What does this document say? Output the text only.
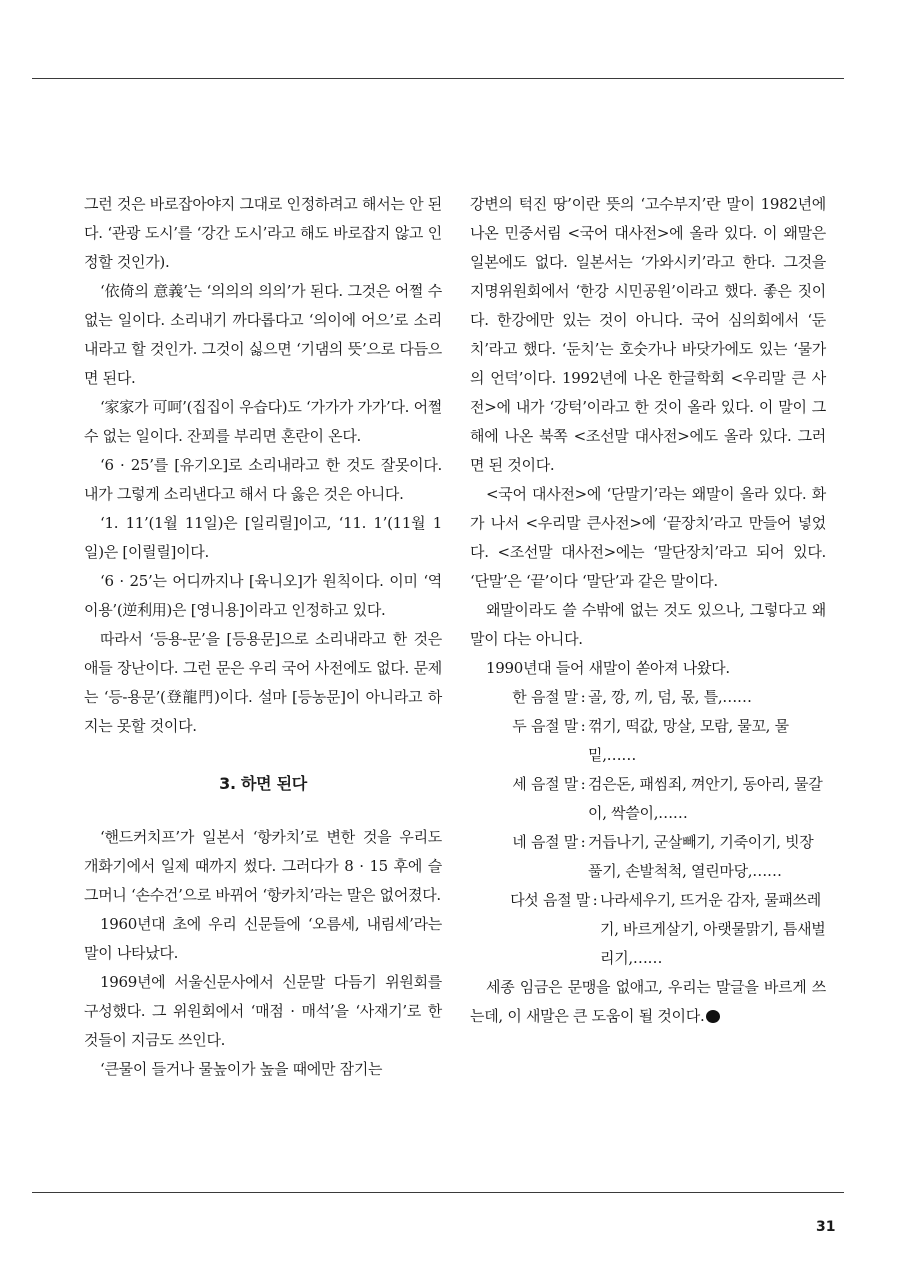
그런 것은 바로잡아야지 그대로 인정하려고 해서는 안 된다. ‘관광 도시’를 ‘강간 도시’라고 해도 바로잡지 않고 인정할 것인가).

‘依倚의 意義’는 ‘의의의 의의’가 된다. 그것은 어쩔 수 없는 일이다. 소리내기 까다롭다고 ‘의이에 어으’로 소리내라고 할 것인가. 그것이 싫으면 ‘기댐의 뜻’으로 다듬으면 된다.

‘家家가 可呵’(집집이 우습다)도 ‘가가가 가가’다. 어쩔 수 없는 일이다. 잔꾀를 부리면 혼란이 온다.

‘6 · 25’를 [유기오]로 소리내라고 한 것도 잘못이다. 내가 그렇게 소리낸다고 해서 다 옳은 것은 아니다.

‘1. 11’(1월 11일)은 [일리릴]이고, ‘11. 1’(11월 1일)은 [이릴릴]이다.

‘6 · 25’는 어디까지나 [육니오]가 원칙이다. 이미 ‘역이용’(逆利用)은 [영니용]이라고 인정하고 있다.

따라서 ‘등용-문’을 [등용문]으로 소리내라고 한 것은 애들 장난이다. 그런 문은 우리 국어 사전에도 없다. 문제는 ‘등-용문’(登龍門)이다. 설마 [등농문]이 아니라고 하지는 못할 것이다.

3. 하면 된다

‘핸드커치프’가 일본서 ‘항카치’로 변한 것을 우리도 개화기에서 일제 때까지 썼다. 그러다가 8 · 15 후에 슬그머니 ‘손수건’으로 바뀌어 ‘항카치’라는 말은 없어졌다.

1960년대 초에 우리 신문들에 ‘오름세, 내림세’라는 말이 나타났다.

1969년에 서울신문사에서 신문말 다듬기 위원회를 구성했다. 그 위원회에서 ‘매점 · 매석’을 ‘사재기’로 한 것들이 지금도 쓰인다.

‘큰물이 들거나 물높이가 높을 때에만 잠기는

강변의 턱진 땅’이란 뜻의 ‘고수부지’란 말이 1982년에 나온 민중서림 <국어 대사전>에 올라 있다. 이 왜말은 일본에도 없다. 일본서는 ‘가와시키’라고 한다. 그것을 지명위원회에서 ‘한강 시민공원’이라고 했다. 좋은 짓이다. 한강에만 있는 것이 아니다. 국어 심의회에서 ‘둔치’라고 했다. ‘둔치’는 호숫가나 바닷가에도 있는 ‘물가의 언덕’이다. 1992년에 나온 한글학회 <우리말 큰 사전>에 내가 ‘강턱’이라고 한 것이 올라 있다. 이 말이 그 해에 나온 북쪽 <조선말 대사전>에도 올라 있다. 그러면 된 것이다.

<국어 대사전>에 ‘단말기’라는 왜말이 올라 있다. 화가 나서 <우리말 큰사전>에 ‘끝장치’라고 만들어 넣었다. <조선말 대사전>에는 ‘말단장치’라고 되어 있다. ‘단말’은 ‘끝’이다 ‘말단’과 같은 말이다.

왜말이라도 쓸 수밖에 없는 것도 있으나, 그렇다고 왜말이 다는 아니다.

1990년대 들어 새말이 쏟아져 나왔다.

한 음절 말 : 골, 깡, 끼, 덤, 몫, 틀,……
두 음절 말 : 꺾기, 떡값, 망살, 모람, 물꼬, 물밑,……
세 음절 말 : 검은돈, 패씸죄, 껴안기, 동아리, 물갈이, 싹쓸이,……
네 음절 말 : 거듭나기, 군살빼기, 기죽이기, 빗장풀기, 손발척척, 열린마당,……
다섯 음절 말 : 나라세우기, 뜨거운 감자, 물패쓰레기, 바르게살기, 아랫물맑기, 틈새벌리기,……

세종 임금은 문맹을 없애고, 우리는 말글을 바르게 쓰는데, 이 새말은 큰 도움이 될 것이다.

31
